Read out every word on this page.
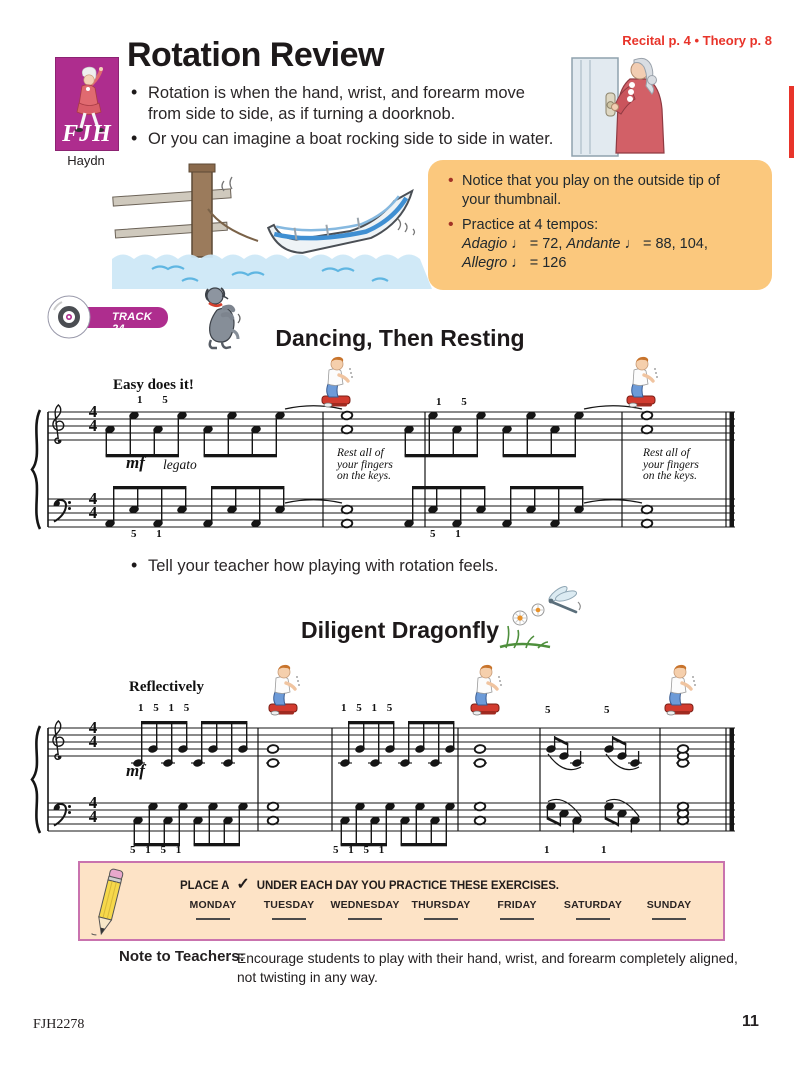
Recital p. 4 • Theory p. 8
FJH
Haydn
Rotation Review
• Rotation is when the hand, wrist, and forearm move from side to side, as if turning a doorknob.
• Or you can imagine a boat rocking side to side in water.
• Notice that you play on the outside tip of your thumbnail.
• Practice at 4 tempos:
Adagio ♩ = 72, Andante ♩ = 88, 104,
Allegro ♩ = 126
TRACK 24	Dancing, Then Resting
Easy does it!
4
4
4
4
1 5	1 5
5 1	5 1
mf legato
Rest all of
your fingers
on the keys.
Rest all of
your fingers
on the keys.
• Tell your teacher how playing with rotation feels.
Diligent Dragonfly
Reflectively
4
4
4
4
1 5 1 5	1 5 1 5
5 1 5 1	5 1 5 1
5	5
1	1
mf
PLACE A ✓ UNDER EACH DAY YOU PRACTICE THESE EXERCISES.
MONDAY	TUESDAY	WEDNESDAY	THURSDAY	FRIDAY	SATURDAY	SUNDAY
Note to Teachers:
Encourage students to play with their hand, wrist, and forearm completely aligned,
not twisting in any way.
FJH2278	11
